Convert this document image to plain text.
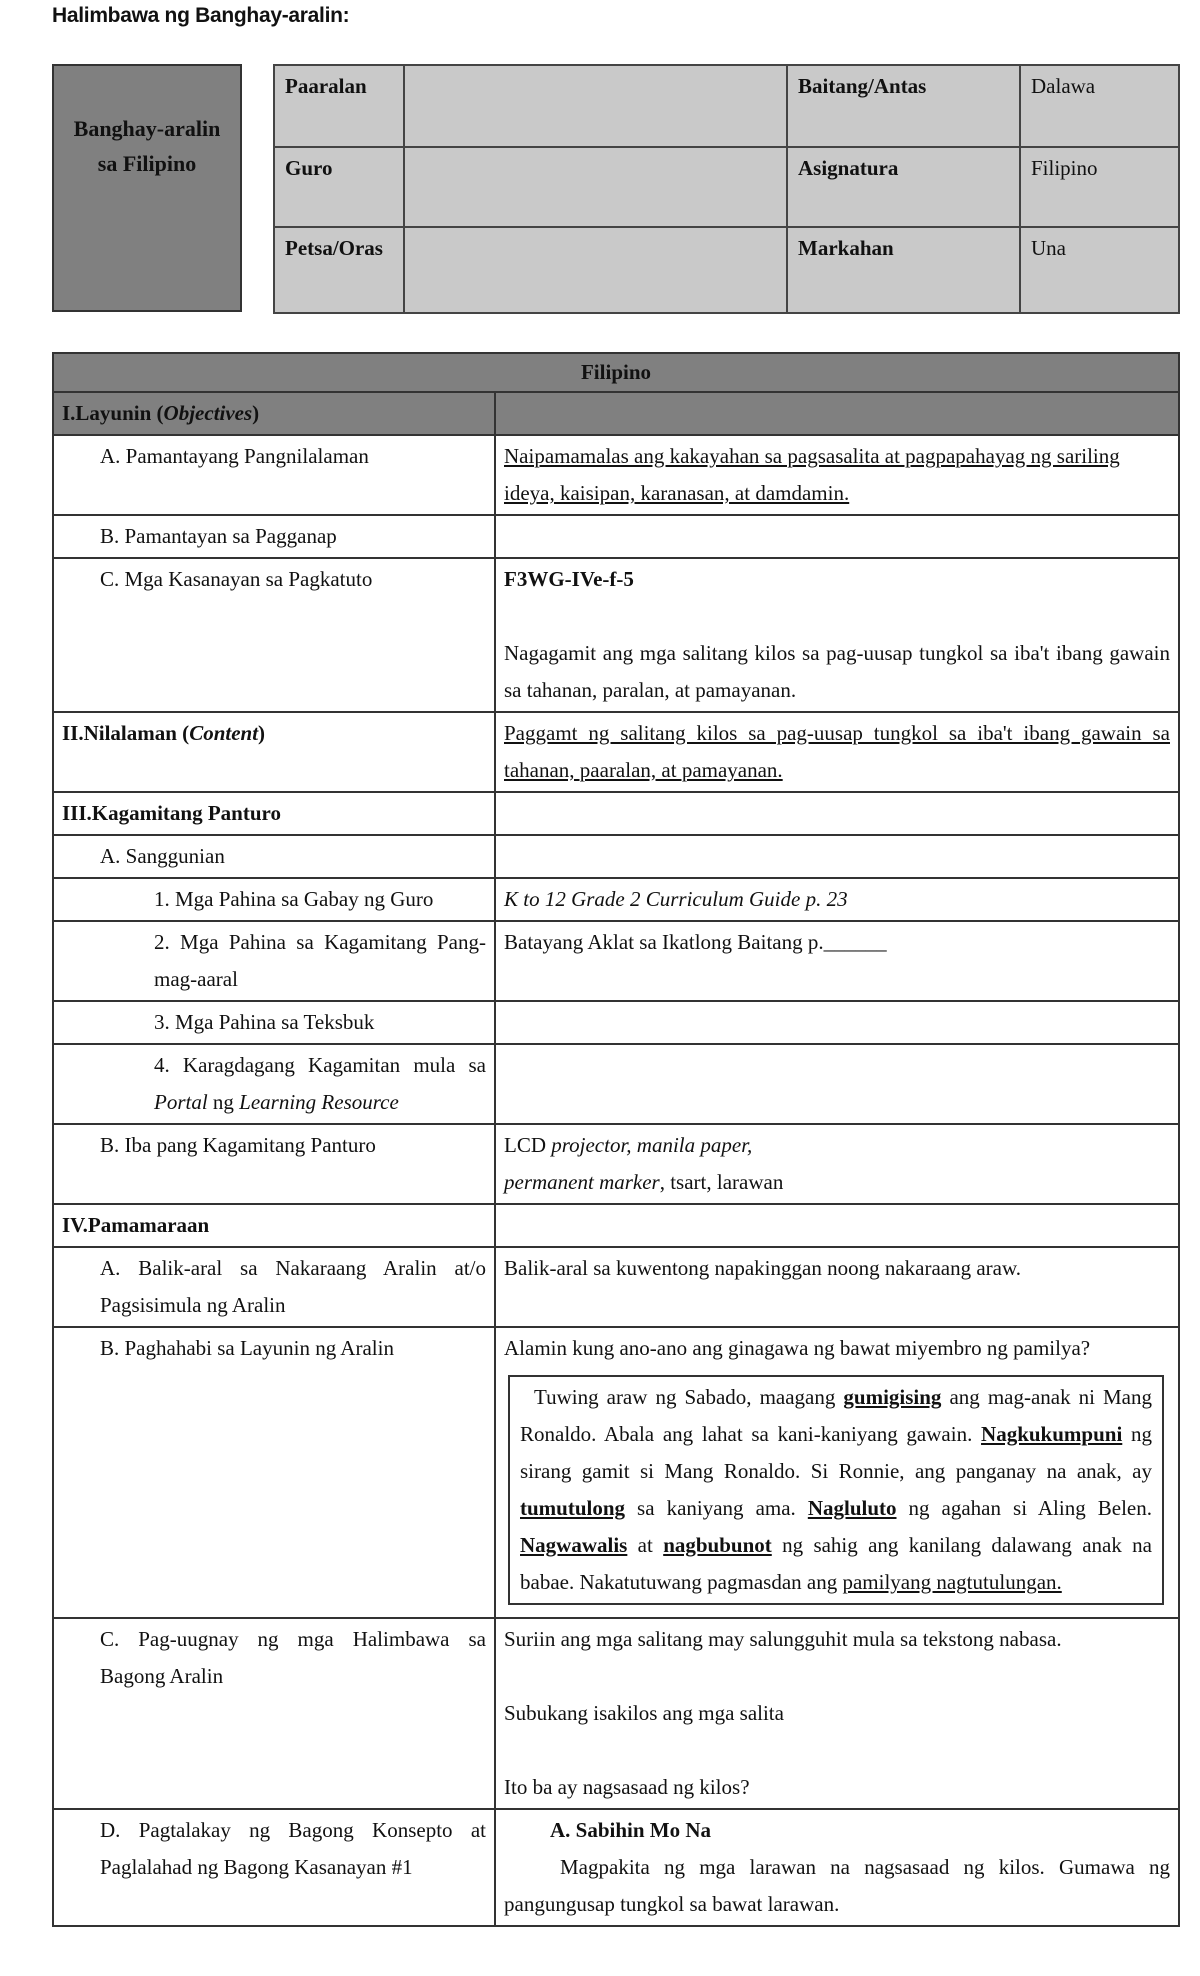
Halimbawa ng Banghay-aralin:
Banghay-aralin
sa Filipino
Paaralan		Baitang/Antas	Dalawa
Guro		Asignatura	Filipino
Petsa/Oras		Markahan	Una
Filipino	
I.Layunin (Objectives)	
A. Pamantayang Pangnilalaman	Naipamamalas ang kakayahan sa pagsasalita at pagpapahayag ng sariling ideya, kaisipan, karanasan, at damdamin.
B. Pamantayan sa Pagganap	
C. Mga Kasanayan sa Pagkatuto	F3WG-IVe-f-5
Nagagamit ang mga salitang kilos sa pag-uusap tungkol sa iba't ibang gawain sa tahanan, paralan, at pamayanan.

II.Nilalaman (Content)	Paggamt ng salitang kilos sa pag-uusap tungkol sa iba't ibang gawain sa tahanan, paaralan, at pamayanan.
III.Kagamitang Panturo	
A. Sanggunian	
1. Mga Pahina sa Gabay ng Guro	K to 12 Grade 2 Curriculum Guide p. 23
2. Mga Pahina sa Kagamitang Pang-mag-aaral	Batayang Aklat sa Ikatlong Baitang p.______
3. Mga Pahina sa Teksbuk	
4. Karagdagang Kagamitan mula sa Portal ng Learning Resource	
B. Iba pang Kagamitang Panturo	LCD projector, manila paper,
permanent marker, tsart, larawan

IV.Pamamaraan	
A. Balik-aral sa Nakaraang Aralin at/o Pagsisimula ng Aralin	Balik-aral sa kuwentong napakinggan noong nakaraang araw.
B. Paghahabi sa Layunin ng Aralin	Alamin kung ano-ano ang ginagawa ng bawat miyembro ng pamilya?
Tuwing araw ng Sabado, maagang gumigising ang mag-anak ni Mang Ronaldo. Abala ang lahat sa kani-kaniyang gawain. Nagkukumpuni ng sirang gamit si Mang Ronaldo. Si Ronnie, ang panganay na anak, ay tumutulong sa kaniyang ama. Nagluluto ng agahan si Aling Belen. Nagwawalis at nagbubunot ng sahig ang kanilang dalawang anak na babae. Nakatutuwang pagmasdan ang pamilyang nagtutulungan.

C. Pag-uugnay ng mga Halimbawa sa Bagong Aralin	Suriin ang mga salitang may salungguhit mula sa tekstong nabasa.
Subukang isakilos ang mga salita
Ito ba ay nagsasaad ng kilos?

D. Pagtalakay ng Bagong Konsepto at Paglalahad ng Bagong Kasanayan #1	A. Sabihin Mo Na
Magpakita ng mga larawan na nagsasaad ng kilos. Gumawa ng pangungusap tungkol sa bawat larawan.
